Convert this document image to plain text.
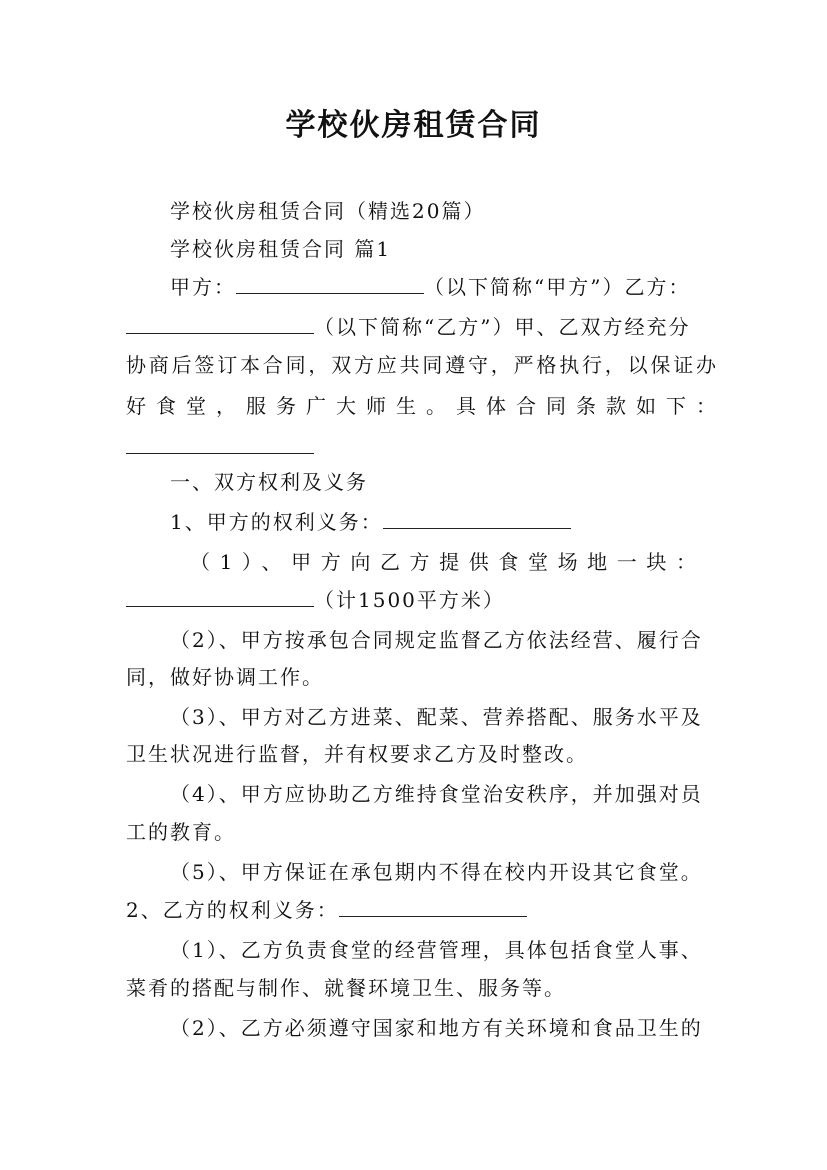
学校伙房租赁合同
学校伙房租赁合同（精选20篇）
学校伙房租赁合同 篇1
甲方：	（以下简称“甲方”）乙方：
（以下简称“乙方”）甲、乙双方经充分
协商后签订本合同，双方应共同遵守，严格执行，以保证办
好食堂，服务广大师生。具体合同条款如下：
一、双方权利及义务
1、甲方的权利义务：
（1）、甲方向乙方提供食堂场地一块：
（计1500平方米）
（2）、甲方按承包合同规定监督乙方依法经营、履行合
同，做好协调工作。
（3）、甲方对乙方进菜、配菜、营养搭配、服务水平及
卫生状况进行监督，并有权要求乙方及时整改。
（4）、甲方应协助乙方维持食堂治安秩序，并加强对员
工的教育。
（5）、甲方保证在承包期内不得在校内开设其它食堂。
2、乙方的权利义务：
（1）、乙方负责食堂的经营管理，具体包括食堂人事、
菜肴的搭配与制作、就餐环境卫生、服务等。
（2）、乙方必须遵守国家和地方有关环境和食品卫生的
